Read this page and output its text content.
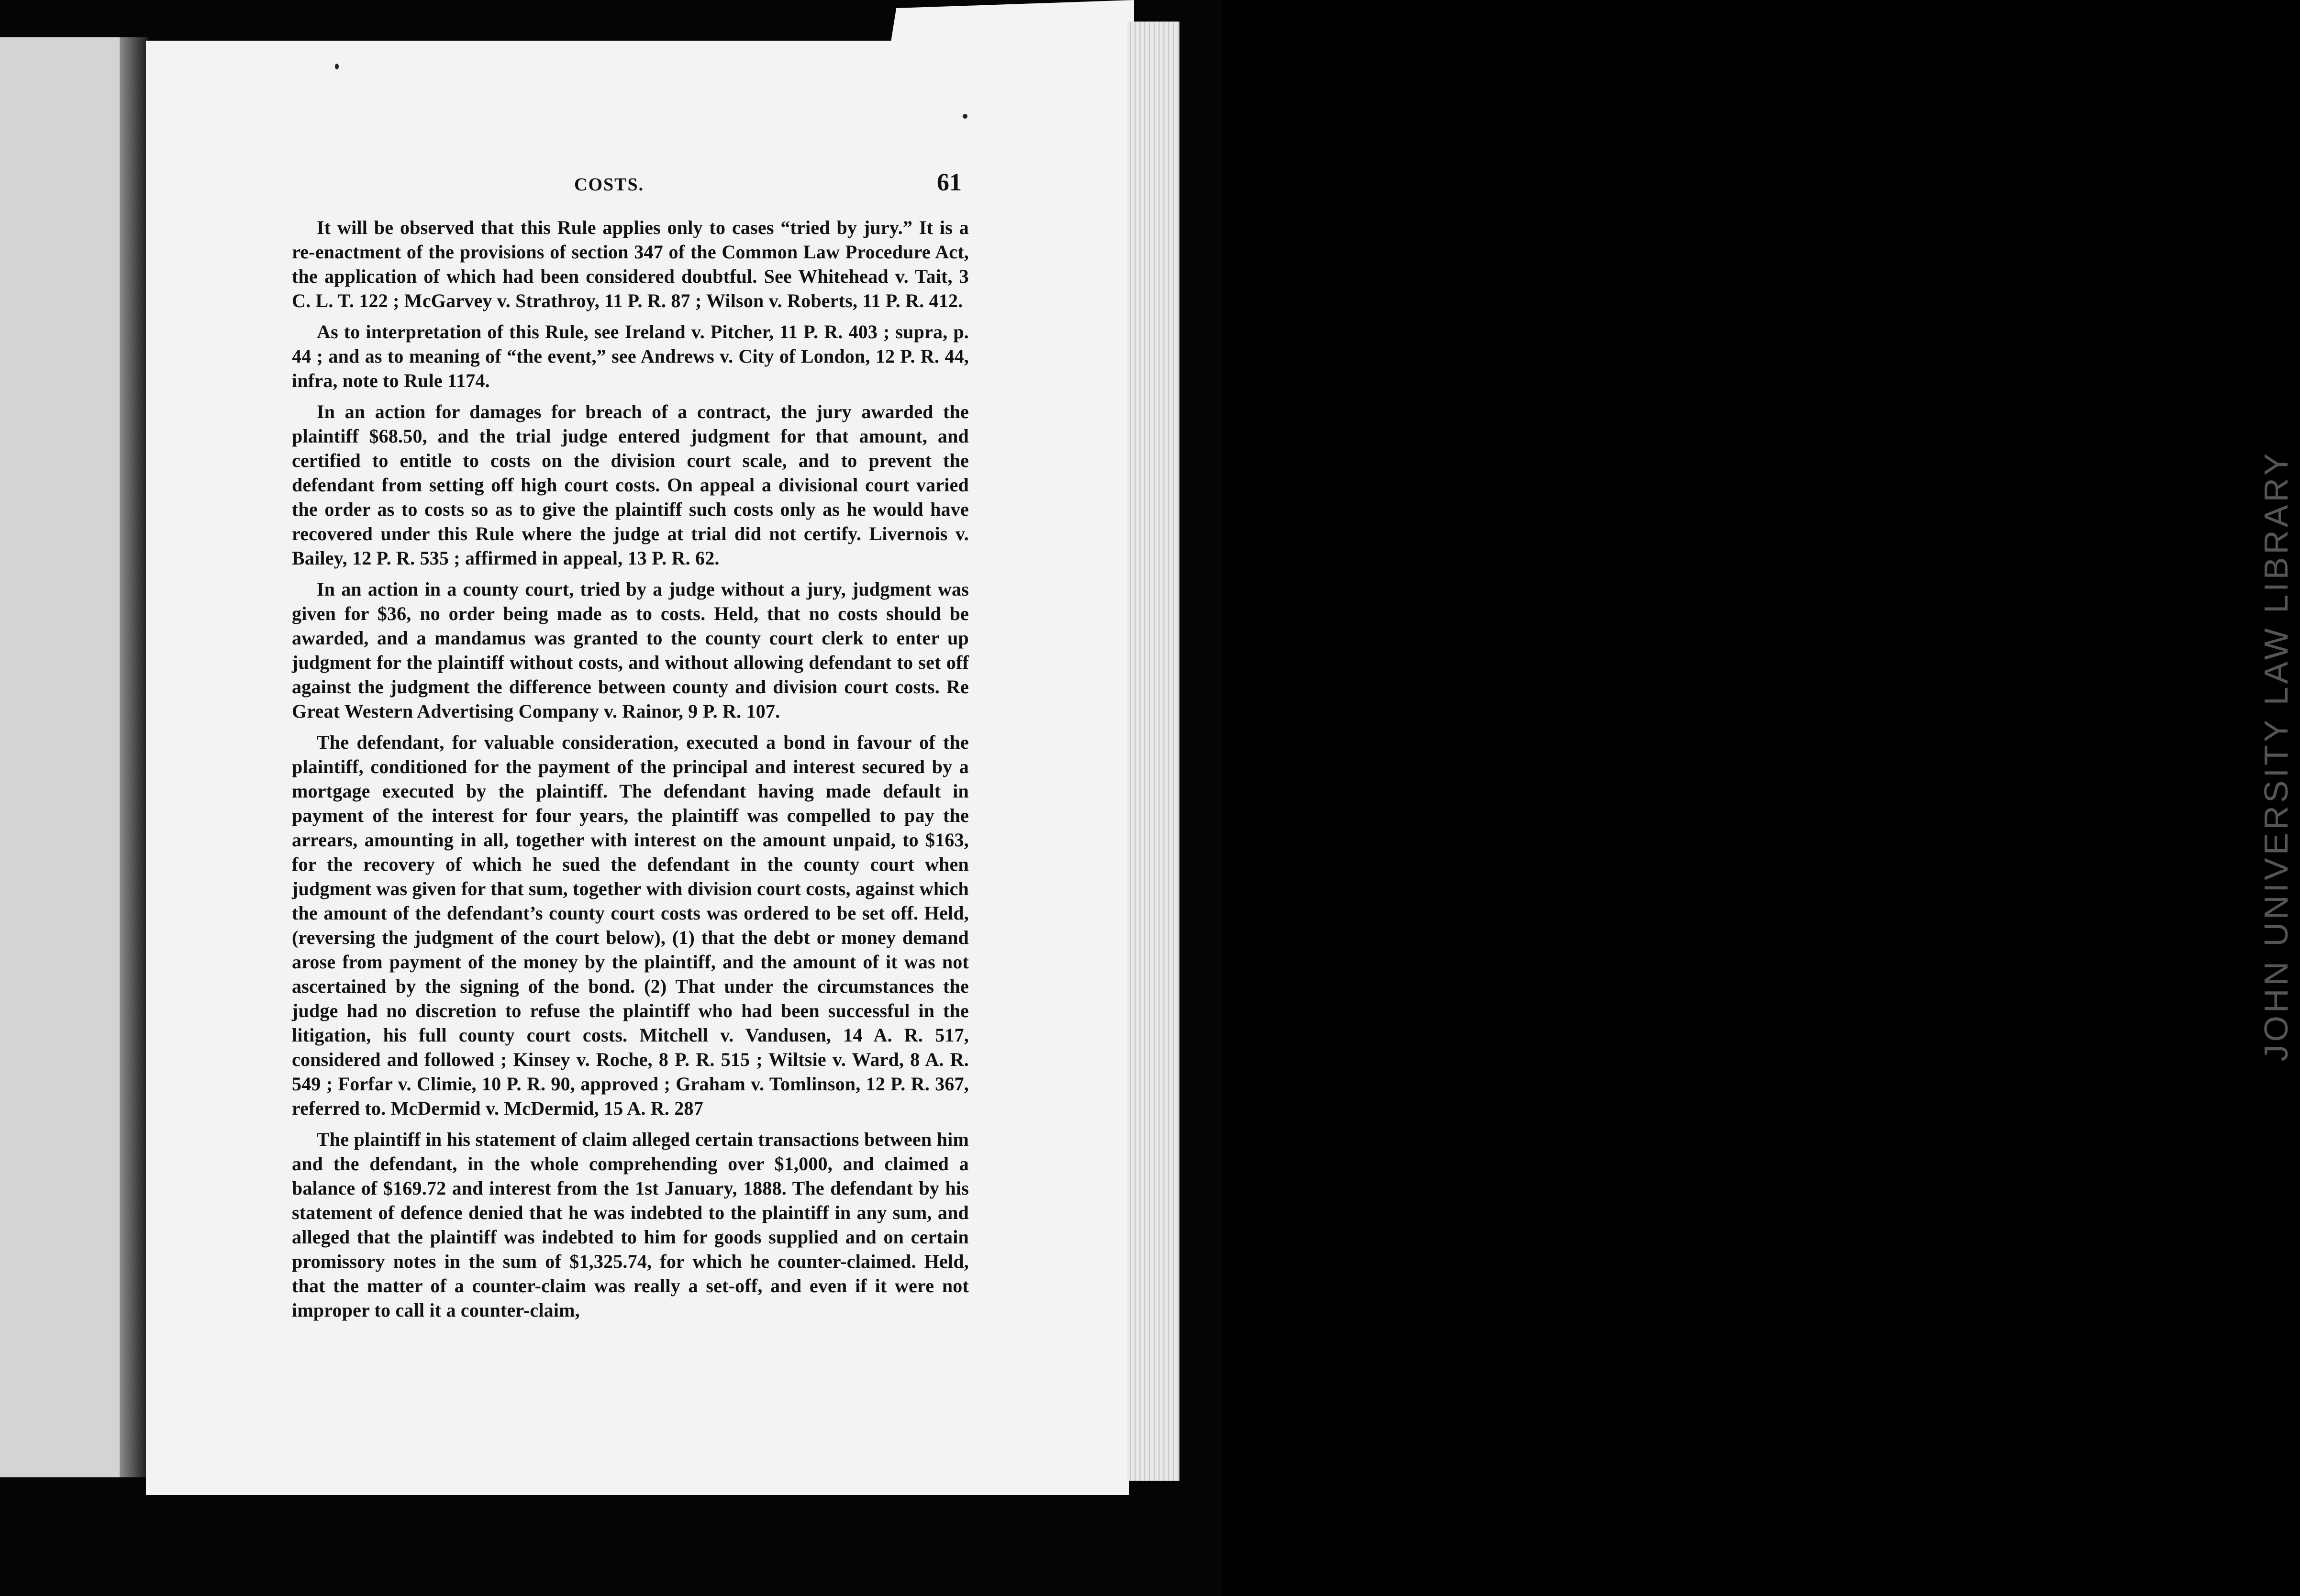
JOHN UNIVERSITY LAW LIBRARY
COSTS.	61

It will be observed that this Rule applies only to cases “tried by jury.” It is a re-enactment of the provisions of section 347 of the Common Law Procedure Act, the application of which had been considered doubtful. See Whitehead v. Tait, 3 C. L. T. 122 ; McGarvey v. Strathroy, 11 P. R. 87 ; Wilson v. Roberts, 11 P. R. 412.

As to interpretation of this Rule, see Ireland v. Pitcher, 11 P. R. 403 ; supra, p. 44 ; and as to meaning of “the event,” see Andrews v. City of London, 12 P. R. 44, infra, note to Rule 1174.

In an action for damages for breach of a contract, the jury awarded the plaintiff $68.50, and the trial judge entered judgment for that amount, and certified to entitle to costs on the division court scale, and to prevent the defendant from setting off high court costs. On appeal a divisional court varied the order as to costs so as to give the plaintiff such costs only as he would have recovered under this Rule where the judge at trial did not certify. Livernois v. Bailey, 12 P. R. 535 ; affirmed in appeal, 13 P. R. 62.

In an action in a county court, tried by a judge without a jury, judgment was given for $36, no order being made as to costs. Held, that no costs should be awarded, and a mandamus was granted to the county court clerk to enter up judgment for the plaintiff without costs, and without allowing defendant to set off against the judgment the difference between county and division court costs. Re Great Western Advertising Company v. Rainor, 9 P. R. 107.

The defendant, for valuable consideration, executed a bond in favour of the plaintiff, conditioned for the payment of the principal and interest secured by a mortgage executed by the plaintiff. The defendant having made default in payment of the interest for four years, the plaintiff was compelled to pay the arrears, amounting in all, together with interest on the amount unpaid, to $163, for the recovery of which he sued the defendant in the county court when judgment was given for that sum, together with division court costs, against which the amount of the defendant’s county court costs was ordered to be set off. Held, (reversing the judgment of the court below), (1) that the debt or money demand arose from payment of the money by the plaintiff, and the amount of it was not ascertained by the signing of the bond. (2) That under the circumstances the judge had no discretion to refuse the plaintiff who had been successful in the litigation, his full county court costs. Mitchell v. Vandusen, 14 A. R. 517, considered and followed ; Kinsey v. Roche, 8 P. R. 515 ; Wiltsie v. Ward, 8 A. R. 549 ; Forfar v. Climie, 10 P. R. 90, approved ; Graham v. Tomlinson, 12 P. R. 367, referred to. McDermid v. McDermid, 15 A. R. 287

The plaintiff in his statement of claim alleged certain transactions between him and the defendant, in the whole comprehending over $1,000, and claimed a balance of $169.72 and interest from the 1st January, 1888. The defendant by his statement of defence denied that he was indebted to the plaintiff in any sum, and alleged that the plaintiff was indebted to him for goods supplied and on certain promissory notes in the sum of $1,325.74, for which he counter-claimed. Held, that the matter of a counter-claim was really a set-off, and even if it were not improper to call it a counter-claim,
